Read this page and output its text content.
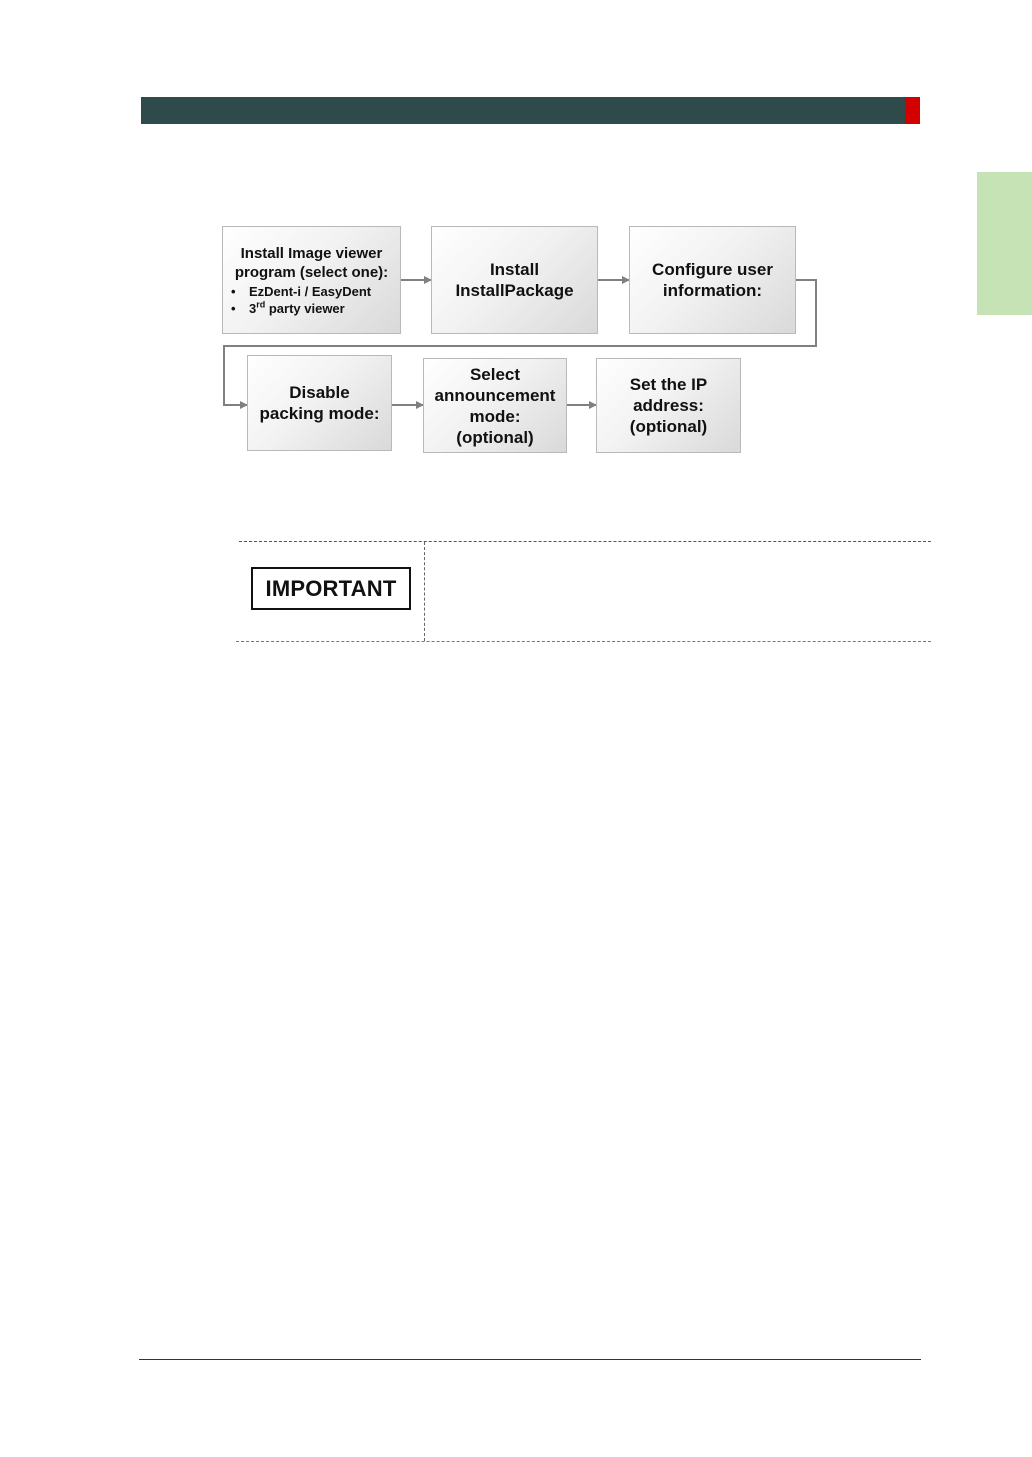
Install Image viewer program (select one):
• EzDent-i / EasyDent
• 3rd party viewer
Install
InstallPackage
Configure user
information:
Disable
packing mode:
Select
announcement
mode:
(optional)
Set the IP
address:
(optional)
IMPORTANT
